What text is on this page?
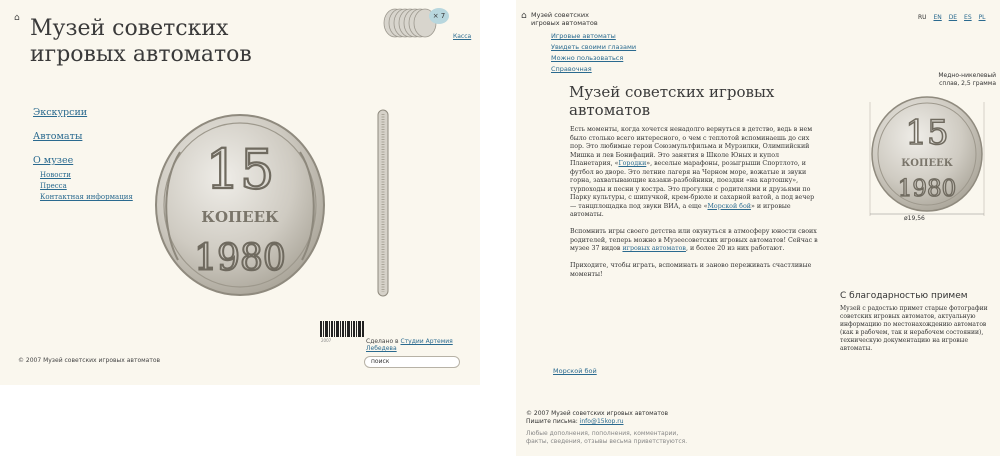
⌂ Музей советских игровых автоматов
× 7
Касса
Экскурсии
Автоматы
О музее
Новости
Пресса
Контактная информация 15
КОПЕЕК
1980
2007	Сделано в Студии Артемия Лебедева
© 2007 Музей советских игровых автоматов
поиск
⌂ Музей советских
игровых автоматов
RU EN DE ES PL
Игровые автоматы
Увидеть своими глазами
Можно пользоваться
Справочная
Музей советских игровых автоматов

Есть моменты, когда хочется ненадолго вернуться в детство, ведь в нем было столько всего интересного, о чем с теплотой вспоминаешь до сих пор. Это любимые герои Союзмультфильма и Мурзилки, Олимпийский Мишка и лев Бонифаций. Это занятия в Школе Юных и купол Планетария, «Городки», веселые марафоны, розыгрыши Спортлото, и футбол во дворе. Это летние лагеря на Черном море, вожатые и звуки горна, захватывающие казаки-разбойники, поездки «на картошку», турпоходы и песни у костра. Это прогулки с родителями и друзьями по Парку культуры, с шипучкой, крем-брюле и сахарной ватой, а под вечер — танцплощадка под звуки ВИА, а еще «Морской бой» и игровые автоматы.

Вспомнить игры своего детства или окунуться в атмосферу юности своих родителей, теперь можно в Музеесоветских игровых автоматов! Сейчас в музее 37 видов игровых автоматов, и более 20 из них работают.

Приходите, чтобы играть, вспоминать и заново переживать счастливые моменты!

Медно-никелевый
сплав, 2,5 грамма
15
КОПЕЕК
1980
ø19,56
С благодарностью примем
Музей с радостью примет старые фотографии советских игровых автоматов, актуальную информацию по местонахождению автоматов (как в рабочем, так и нерабочем состоянии), техническую документацию на игровые автоматы.
Морской бой
© 2007 Музей советских игровых автоматов
Пишите письма: info@15kop.ru
Любые дополнения, пополнения, комментарии,
факты, сведения, отзывы весьма приветствуются.
